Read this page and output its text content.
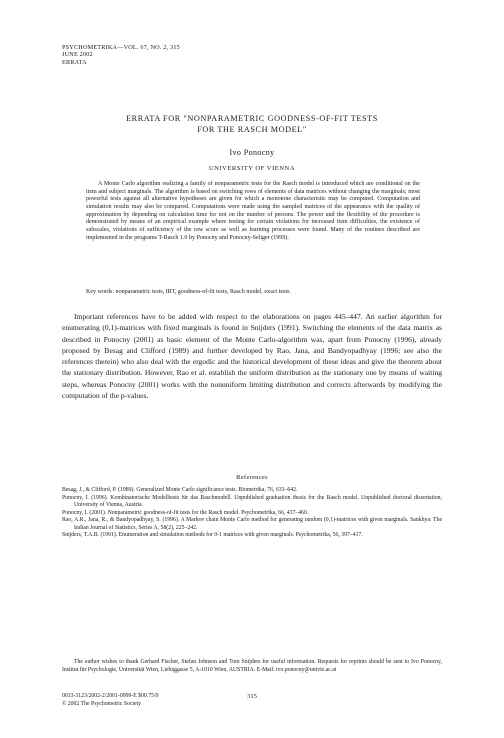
PSYCHOMETRIKA—VOL. 67, NO. 2, 315
JUNE 2002
ERRATA
ERRATA FOR "NONPARAMETRIC GOODNESS-OF-FIT TESTS
FOR THE RASCH MODEL"
Ivo Ponocny
UNIVERSITY OF VIENNA

A Monte Carlo algorithm realizing a family of nonparametric tests for the Rasch model is introduced which are conditional on the item and subject marginals. The algorithm is based on switching rows of elements of data matrices without changing the marginals; most powerful tests against all alternative hypotheses are given for which a monotone characteristic may be computed. Computation and simulation results may also be compared. Computations were made using the sampled matrices of the appearance with the quality of approximation by depending on calculation time for not on the number of persons. The power and the flexibility of the procedure is demonstrated by means of an empirical example where testing for certain violations for increased item difficulties, the existence of subscales, violations of sufficiency of the raw score as well as learning processes were found. Many of the routines described are implemented in the programs T-Rasch 1.0 by Ponocny and Ponocny-Seliger (1999).

Key words: nonparametric tests, IRT, goodness-of-fit tests, Rasch model, exact tests.

Important references have to be added with respect to the elaborations on pages 445–447. An earlier algorithm for enumerating (0,1)-matrices with fixed marginals is found in Snijders (1991). Switching the elements of the data matrix as described in Ponocny (2001) as basic element of the Monte Carlo-algorithm was, apart from Ponocny (1996), already proposed by Besag and Clifford (1989) and further developed by Rao, Jana, and Bandyopadhyay (1996; see also the references therein) who also deal with the ergodic and the historical development of these ideas and give the theorem about the stationary distribution. However, Rao et al. establish the uniform distribution as the stationary one by means of waiting steps, whereas Ponocny (2001) works with the nonuniform limiting distribution and corrects afterwards by modifying the computation of the p-values.

References
Besag, J., & Clifford, P. (1989). Generalized Monte Carlo significance tests. Biometrika, 76, 633–642.
Ponocny, I. (1996). Kombinatorische Modelltests für das Raschmodell. Unpublished graduation thesis for the Rasch model. Unpublished doctoral dissertation, University of Vienna, Austria.
Ponocny, I. (2001). Nonparametric goodness-of-fit tests for the Rasch model. Psychometrika, 66, 437–460.
Rao, A.R., Jana, R., & Bandyopadhyay, S. (1996). A Markov chain Monte Carlo method for generating random (0,1)-matrices with given marginals. Sankhya: The Indian Journal of Statistics, Series A, 58(2), 225–242.
Snijders, T.A.B. (1991). Enumeration and simulation methods for 0-1 matrices with given marginals. Psychometrika, 56, 397–417.

The author wishes to thank Gerhard Fischer, Stefan Johnson and Tom Snijders for useful information. Requests for reprints should be sent to Ivo Ponocny, Institut für Psychologie, Universität Wien, Liebiggasse 5, A-1010 Wien, AUSTRIA. E-Mail: ivo.ponocny@univie.ac.at

0033-3123/2002-2/2001-0999-E $00.75/0
© 2002 The Psychometric Society
315
